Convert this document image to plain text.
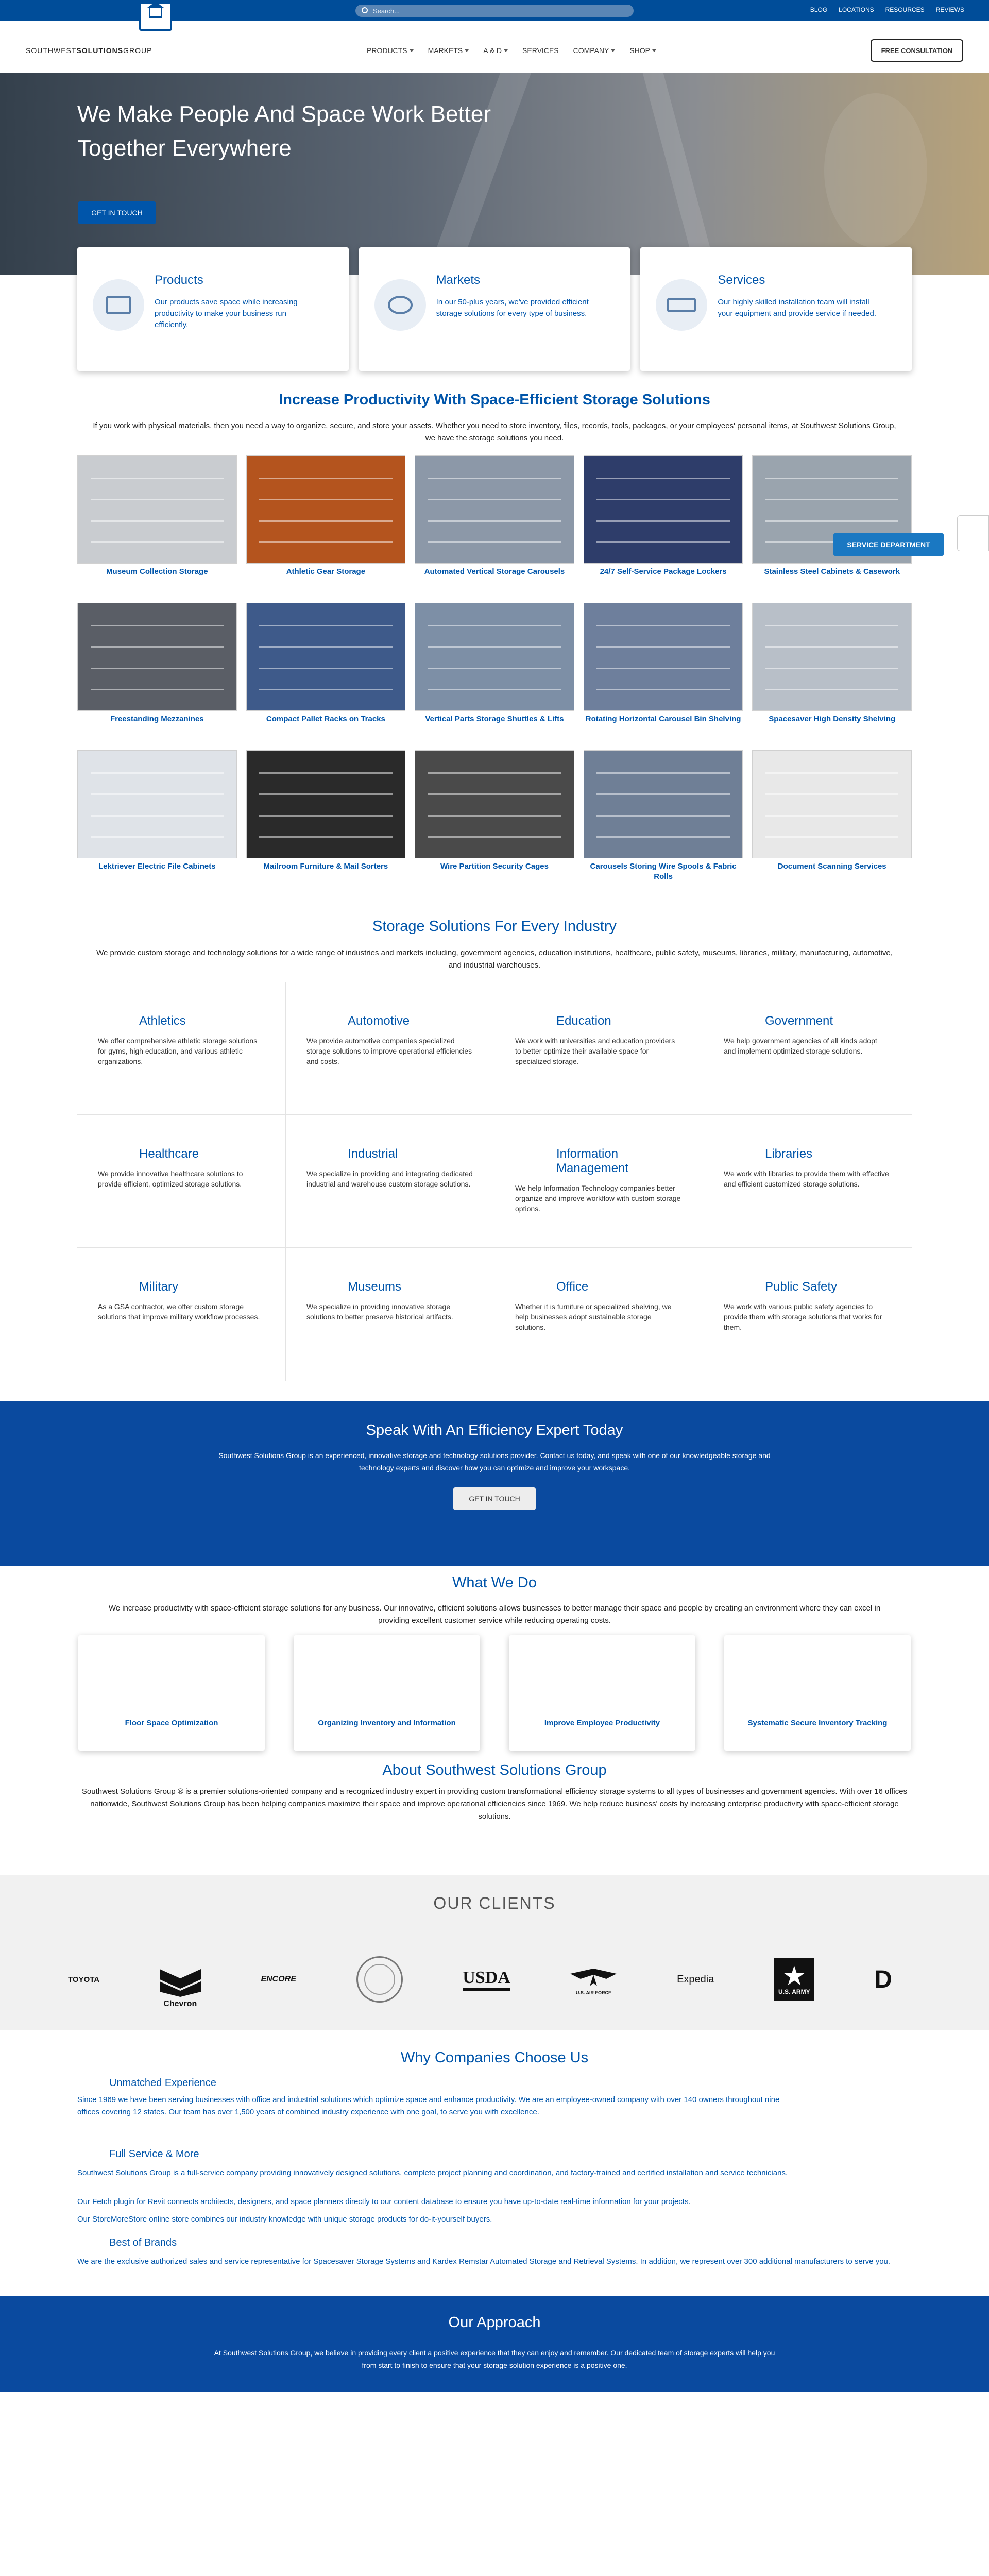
Search...
BLOG LOCATIONS RESOURCES REVIEWS
SOUTHWESTSOLUTIONSGROUP	PRODUCTS	MARKETS	A & D	SERVICES COMPANY	SHOP	FREE CONSULTATION
We Make People And Space Work Better Together Everywhere
GET IN TOUCH
Products

Our products save space while increasing productivity to make your business run efficiently.

Markets

In our 50-plus years, we've provided efficient storage solutions for every type of business.

Services

Our highly skilled installation team will install your equipment and provide service if needed.

Increase Productivity With Space-Efficient Storage Solutions

If you work with physical materials, then you need a way to organize, secure, and store your assets. Whether you need to store inventory, files, records, tools, packages, or your employees' personal items, at Southwest Solutions Group, we have the storage solutions you need.

Museum Collection Storage	Athletic Gear Storage	Automated Vertical Storage Carousels	24/7 Self-Service Package Lockers	Stainless Steel Cabinets & Casework
Freestanding Mezzanines	Compact Pallet Racks on Tracks	Vertical Parts Storage Shuttles & Lifts	Rotating Horizontal Carousel Bin Shelving	Spacesaver High Density Shelving
Lektriever Electric File Cabinets	Mailroom Furniture & Mail Sorters	Wire Partition Security Cages	Carousels Storing Wire Spools & Fabric Rolls
Document Scanning Services
SERVICE DEPARTMENT
Storage Solutions For Every Industry

We provide custom storage and technology solutions for a wide range of industries and markets including, government agencies, education institutions, healthcare, public safety, museums, libraries, military, manufacturing, automotive, and industrial warehouses.

Athletics

We offer comprehensive athletic storage solutions for gyms, high education, and various athletic organizations.

Automotive

We provide automotive companies specialized storage solutions to improve operational efficiencies and costs.

Education

We work with universities and education providers to better optimize their available space for specialized storage.

Government

We help government agencies of all kinds adopt and implement optimized storage solutions.

Healthcare

We provide innovative healthcare solutions to provide efficient, optimized storage solutions.

Industrial

We specialize in providing and integrating dedicated industrial and warehouse custom storage solutions.

Information Management

We help Information Technology companies better organize and improve workflow with custom storage options.

Libraries

We work with libraries to provide them with effective and efficient customized storage solutions.

Military

As a GSA contractor, we offer custom storage solutions that improve military workflow processes.

Museums

We specialize in providing innovative storage solutions to better preserve historical artifacts.

Office

Whether it is furniture or specialized shelving, we help businesses adopt sustainable storage solutions.

Public Safety

We work with various public safety agencies to provide them with storage solutions that works for them.

Speak With An Efficiency Expert Today

Southwest Solutions Group is an experienced, innovative storage and technology solutions provider. Contact us today, and speak with one of our knowledgeable storage and technology experts and discover how you can optimize and improve your workspace.

GET IN TOUCH
What We Do

We increase productivity with space-efficient storage solutions for any business. Our innovative, efficient solutions allows businesses to better manage their space and people by creating an environment where they can excel in providing excellent customer service while reducing operating costs.

Floor Space Optimization	Organizing Inventory and Information	Improve Employee Productivity	Systematic Secure Inventory Tracking
About Southwest Solutions Group

Southwest Solutions Group ® is a premier solutions-oriented company and a recognized industry expert in providing custom transformational efficiency storage systems to all types of businesses and government agencies. With over 16 offices nationwide, Southwest Solutions Group has been helping companies maximize their space and improve operational efficiencies since 1969. We help reduce business' costs by increasing enterprise productivity with space-efficient storage solutions.

OUR CLIENTS
TOYOTA
Chevron
ENCORE	USDA
U.S. AIR FORCE
Expedia	★
U.S. ARMY	D
Why Companies Choose Us
Unmatched Experience

Since 1969 we have been serving businesses with office and industrial solutions which optimize space and enhance productivity. We are an employee-owned company with over 140 owners throughout nine offices covering 12 states. Our team has over 1,500 years of combined industry experience with one goal, to serve you with excellence.

Full Service & More

Southwest Solutions Group is a full-service company providing innovatively designed solutions, complete project planning and coordination, and factory-trained and certified installation and service technicians.

Our Fetch plugin for Revit connects architects, designers, and space planners directly to our content database to ensure you have up-to-date real-time information for your projects.

Our StoreMoreStore online store combines our industry knowledge with unique storage products for do-it-yourself buyers.

Best of Brands

We are the exclusive authorized sales and service representative for Spacesaver Storage Systems and Kardex Remstar Automated Storage and Retrieval Systems. In addition, we represent over 300 additional manufacturers to serve you.

Our Approach

At Southwest Solutions Group, we believe in providing every client a positive experience that they can enjoy and remember. Our dedicated team of storage experts will help you from start to finish to ensure that your storage solution experience is a positive one.
